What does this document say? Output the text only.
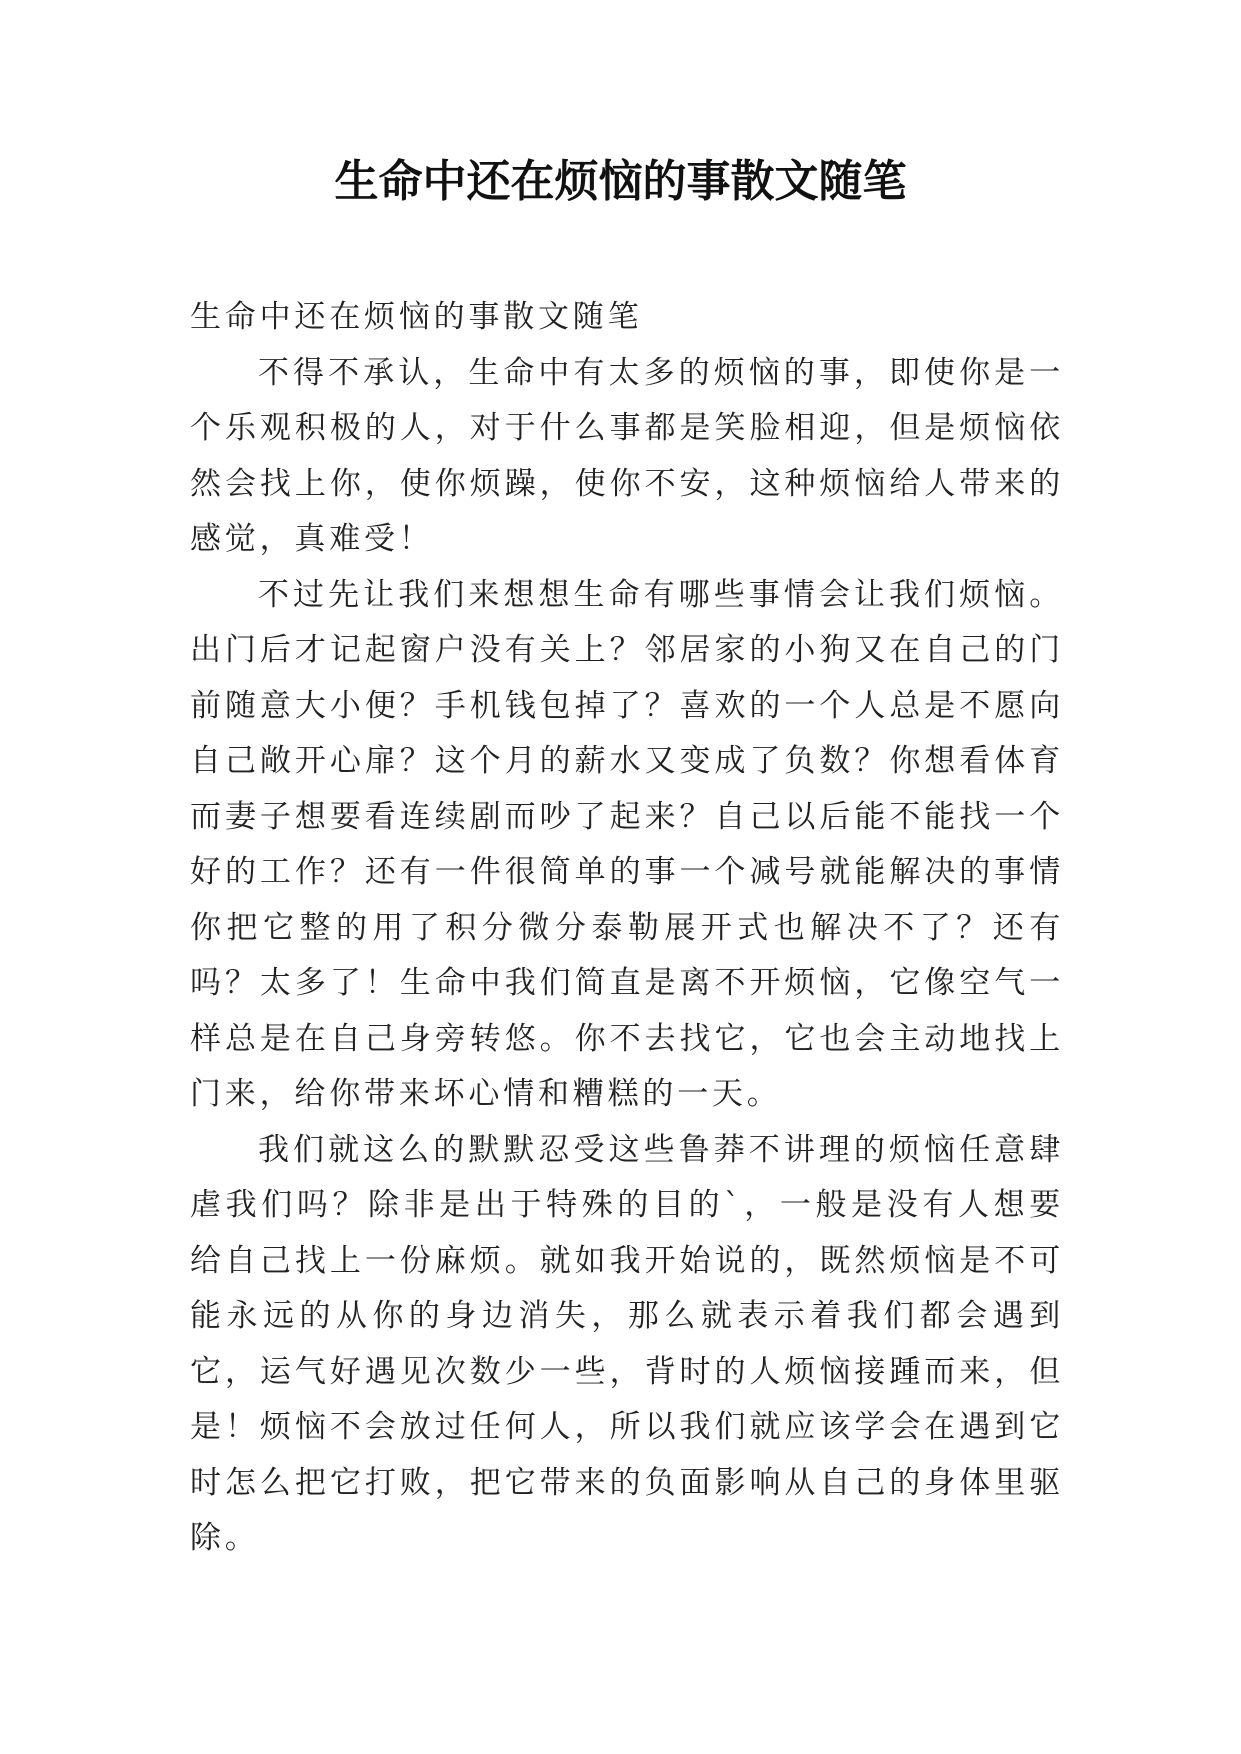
生命中还在烦恼的事散文随笔

生命中还在烦恼的事散文随笔

不得不承认，生命中有太多的烦恼的事，即使你是一个乐观积极的人，对于什么事都是笑脸相迎，但是烦恼依然会找上你，使你烦躁，使你不安，这种烦恼给人带来的感觉，真难受！

不过先让我们来想想生命有哪些事情会让我们烦恼。出门后才记起窗户没有关上？邻居家的小狗又在自己的门前随意大小便？手机钱包掉了？喜欢的一个人总是不愿向自己敞开心扉？这个月的薪水又变成了负数？你想看体育而妻子想要看连续剧而吵了起来？自己以后能不能找一个好的工作？还有一件很简单的事一个减号就能解决的事情你把它整的用了积分微分泰勒展开式也解决不了？还有吗？太多了！生命中我们简直是离不开烦恼，它像空气一样总是在自己身旁转悠。你不去找它，它也会主动地找上门来，给你带来坏心情和糟糕的一天。

我们就这么的默默忍受这些鲁莽不讲理的烦恼任意肆虐我们吗？除非是出于特殊的目的`，一般是没有人想要给自己找上一份麻烦。就如我开始说的，既然烦恼是不可能永远的从你的身边消失，那么就表示着我们都会遇到它，运气好遇见次数少一些，背时的人烦恼接踵而来，但是！烦恼不会放过任何人，所以我们就应该学会在遇到它时怎么把它打败，把它带来的负面影响从自己的身体里驱除。
